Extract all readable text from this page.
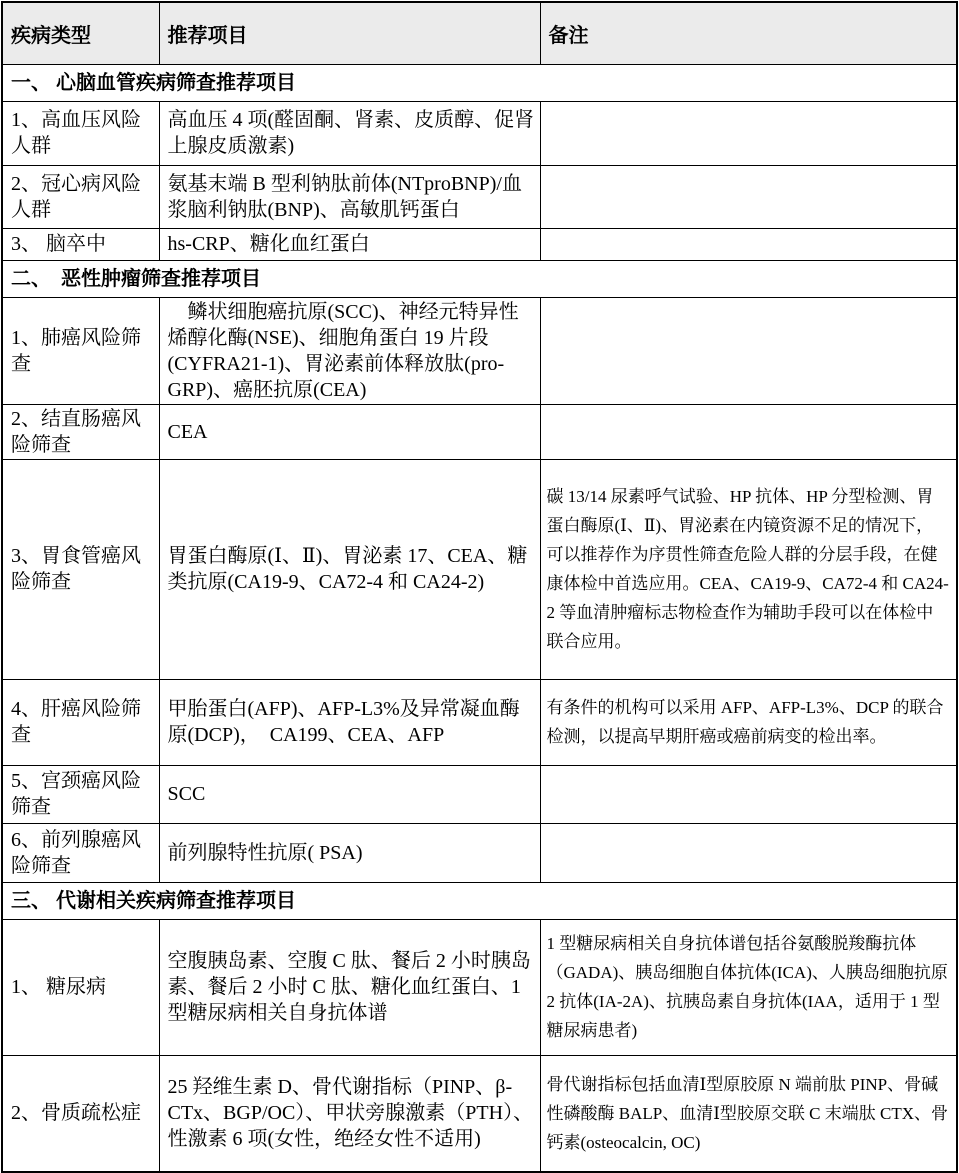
疾病类型	推荐项目	备注
一、 心脑血管疾病筛查推荐项目		
1、高血压风险人群	高血压 4 项(醛固酮、肾素、皮质醇、促肾上腺皮质激素)	
2、冠心病风险人群	氨基末端 B 型利钠肽前体(NTproBNP)/血浆脑利钠肽(BNP)、高敏肌钙蛋白	
3、 脑卒中	hs-CRP、糖化血红蛋白	
二、　恶性肿瘤筛查推荐项目		
1、肺癌风险筛查	　鳞状细胞癌抗原(SCC)、神经元特异性烯醇化酶(NSE)、细胞角蛋白 19 片段(CYFRA21-1)、胃泌素前体释放肽(pro-GRP)、癌胚抗原(CEA)	
2、结直肠癌风险筛查	CEA	
3、胃食管癌风险筛查	胃蛋白酶原(Ⅰ、Ⅱ)、胃泌素 17、CEA、糖类抗原(CA19-9、CA72-4 和 CA24-2)	碳 13/14 尿素呼气试验、HP 抗体、HP 分型检测、胃蛋白酶原(Ⅰ、Ⅱ)、胃泌素在内镜资源不足的情况下，可以推荐作为序贯性筛查危险人群的分层手段，在健康体检中首选应用。CEA、CA19-9、CA72-4 和 CA24-2 等血清肿瘤标志物检查作为辅助手段可以在体检中联合应用。
4、肝癌风险筛查	甲胎蛋白(AFP)、AFP-L3%及异常凝血酶原(DCP)，　CA199、CEA、AFP	有条件的机构可以采用 AFP、AFP-L3%、DCP 的联合检测，以提高早期肝癌或癌前病变的检出率。
5、宫颈癌风险筛查	SCC	
6、前列腺癌风险筛查	前列腺特性抗原( PSA)	
三、 代谢相关疾病筛查推荐项目		
1、 糖尿病	空腹胰岛素、空腹 C 肽、餐后 2 小时胰岛素、餐后 2 小时 C 肽、糖化血红蛋白、1 型糖尿病相关自身抗体谱	1 型糖尿病相关自身抗体谱包括谷氨酸脱羧酶抗体（GADA)、胰岛细胞自体抗体(ICA)、人胰岛细胞抗原 2 抗体(IA-2A)、抗胰岛素自身抗体(IAA，适用于 1 型糖尿病患者)
2、骨质疏松症	25 羟维生素 D、骨代谢指标（PINP、β-CTx、BGP/OC）、甲状旁腺激素（PTH）、性激素 6 项(女性，绝经女性不适用)	骨代谢指标包括血清Ⅰ型原胶原 N 端前肽 PINP、骨碱性磷酸酶 BALP、血清Ⅰ型胶原交联 C 末端肽 CTX、骨钙素(osteocalcin, OC)
